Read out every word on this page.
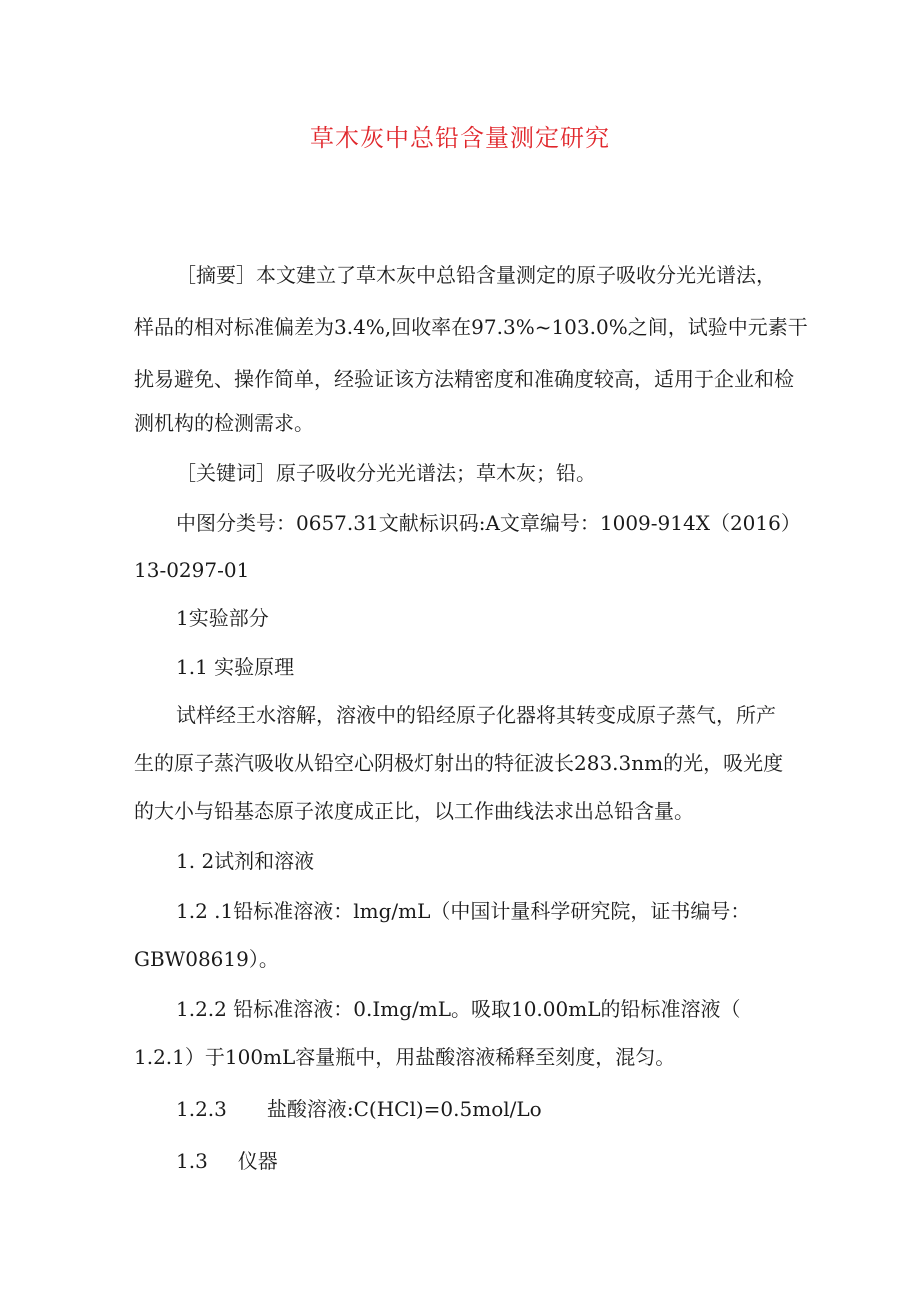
草木灰中总铅含量测定研究
［摘要］本文建立了草木灰中总铅含量测定的原子吸收分光光谱法，
样品的相对标准偏差为3.4%,回收率在97.3%~103.0%之间，试验中元素干
扰易避免、操作简单，经验证该方法精密度和准确度较高，适用于企业和检
测机构的检测需求。
［关键词］原子吸收分光光谱法；草木灰；铅。
中图分类号：0657.31文献标识码:A文章编号：1009-914X（2016）
13-0297-01
1实验部分
1.1 实验原理
试样经王水溶解，溶液中的铅经原子化器将其转变成原子蒸气，所产
生的原子蒸汽吸收从铅空心阴极灯射出的特征波长283.3nm的光，吸光度
的大小与铅基态原子浓度成正比，以工作曲线法求出总铅含量。
1. 2试剂和溶液
1.2 .1铅标准溶液：lmg/mL（中国计量科学研究院，证书编号：
GBW08619）。
1.2.2 铅标准溶液：0.Img/mL。吸取10.00mL的铅标准溶液（
1.2.1）于100mL容量瓶中，用盐酸溶液稀释至刻度，混匀。
1.2.3 盐酸溶液:C(HCl)=0.5mol/Lo
1.3 仪器
